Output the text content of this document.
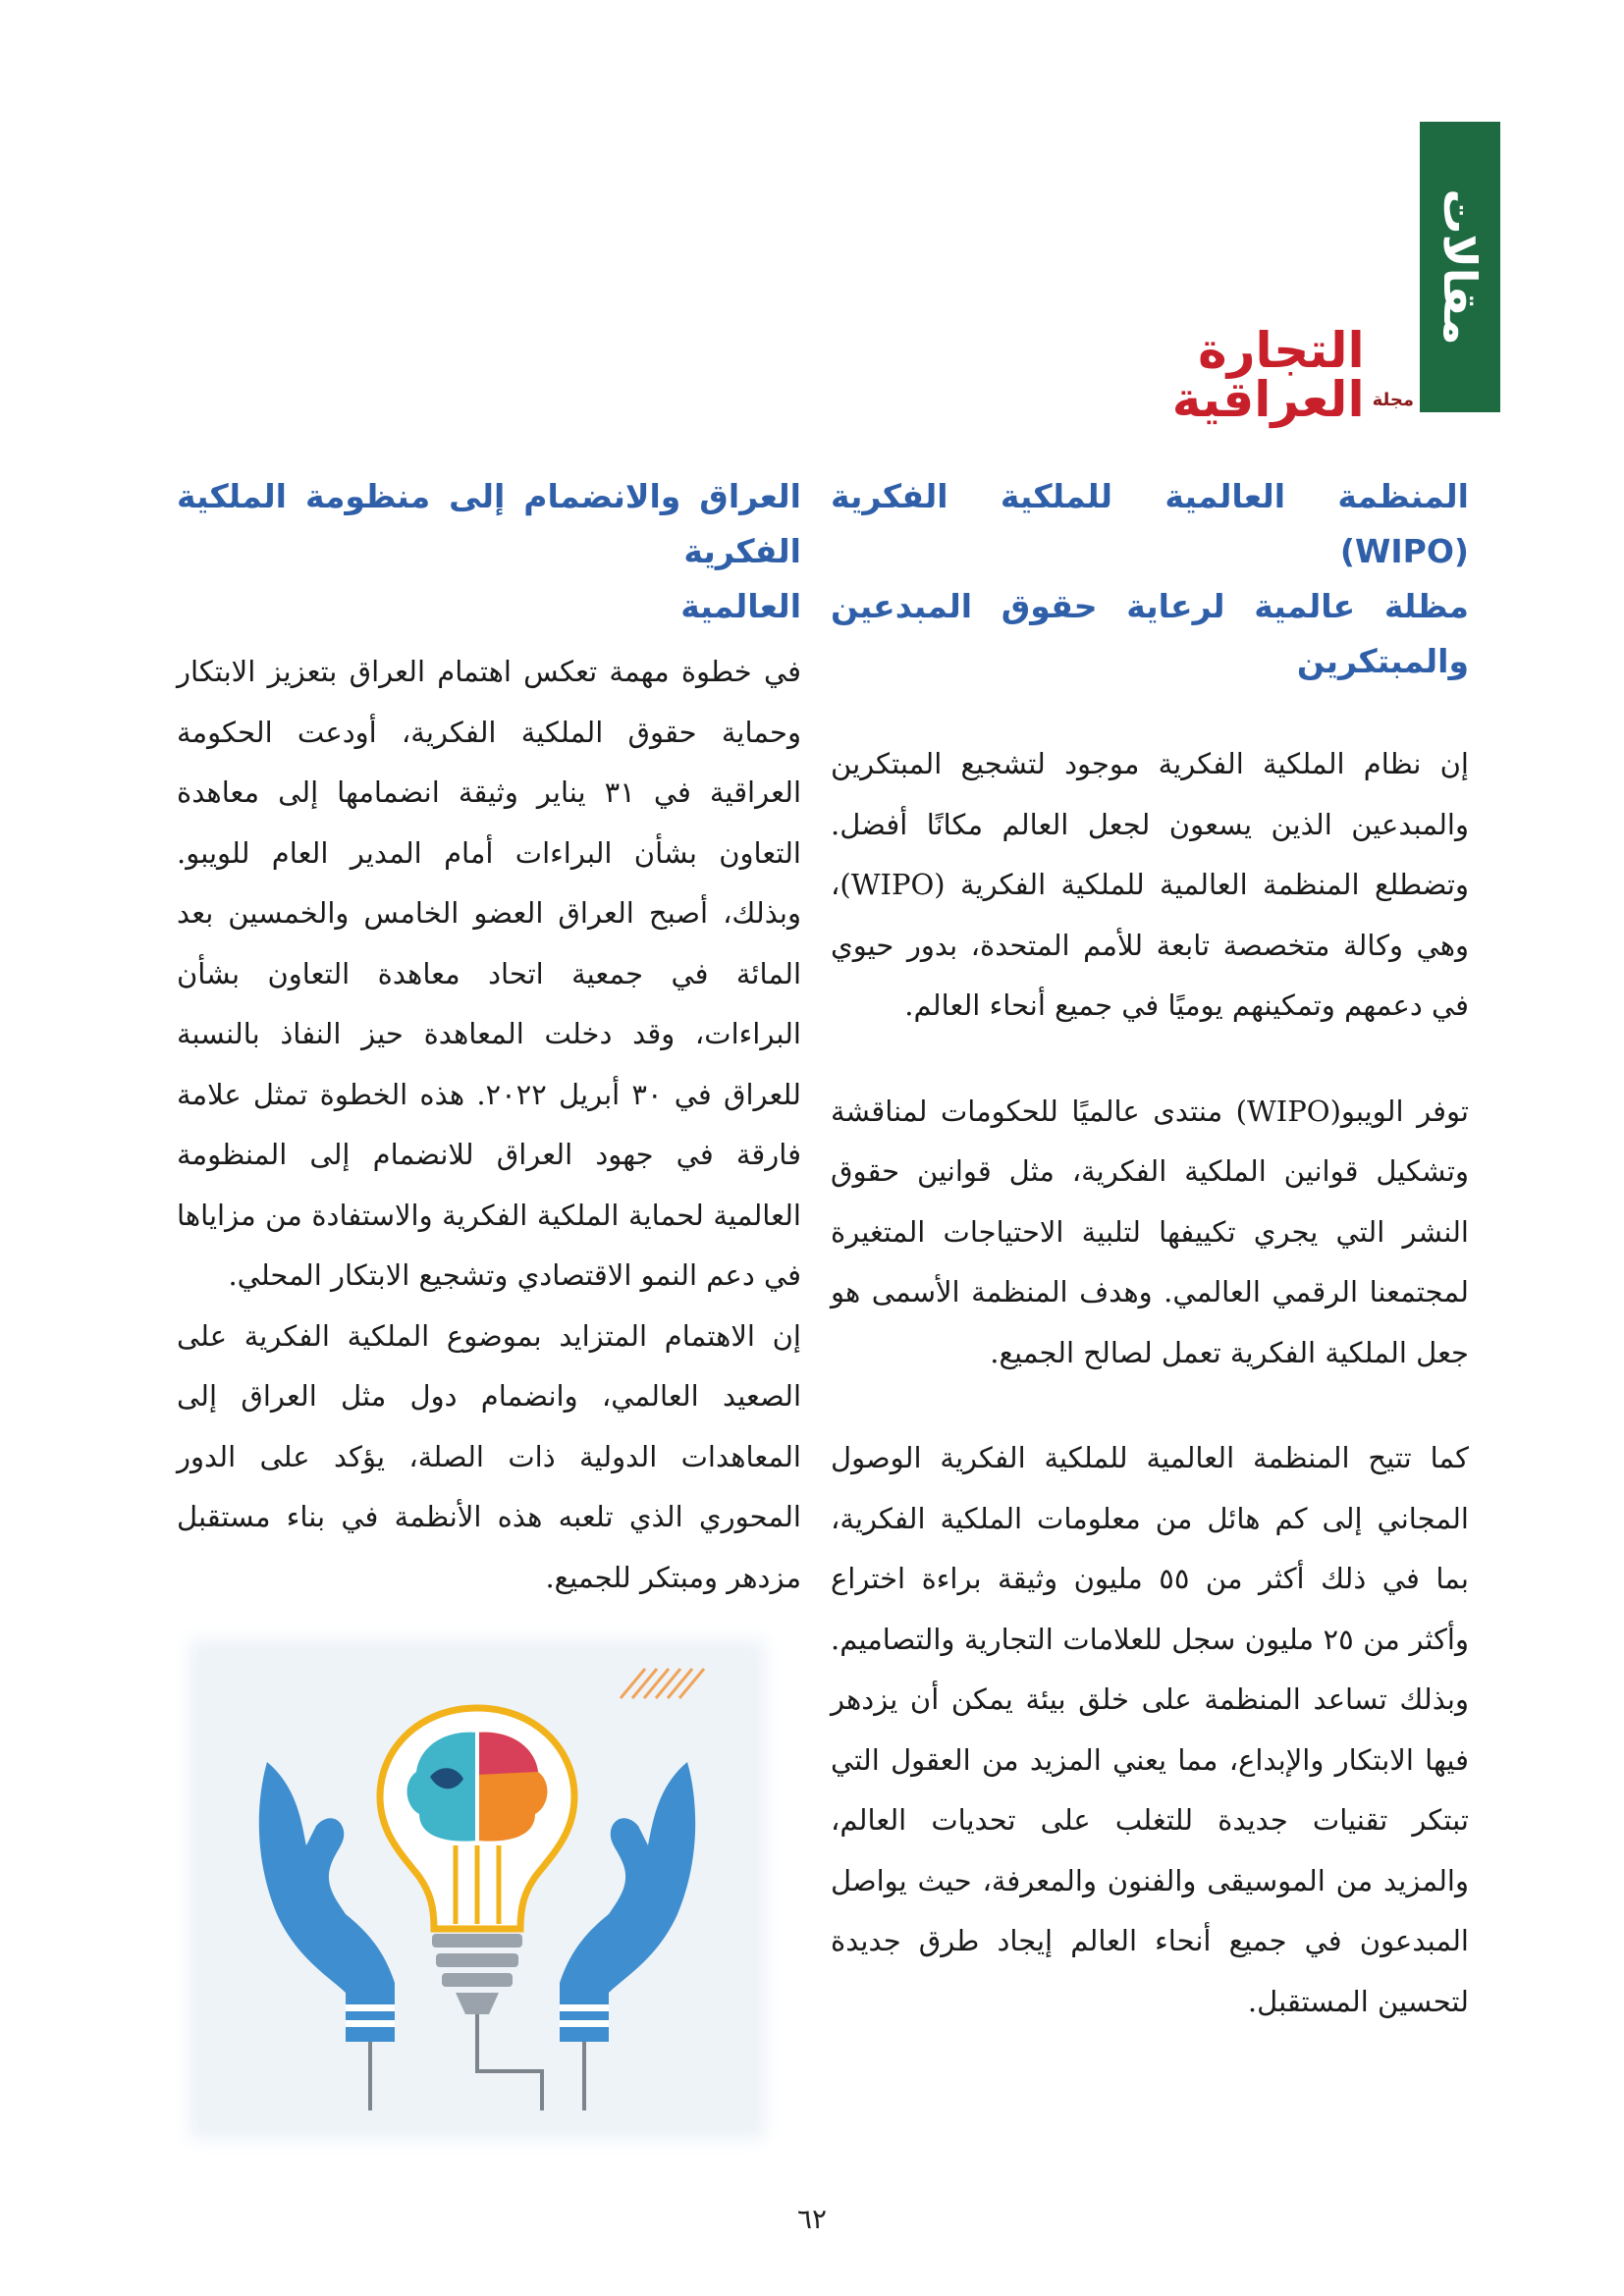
مقالات
مجلة
التجارة العراقية

المنظمة العالمية للملكية الفكرية (WIPO)

مظلة عالمية لرعاية حقوق المبدعين والمبتكرين

إن نظام الملكية الفكرية موجود لتشجيع المبتكرين والمبدعين الذين يسعون لجعل العالم مكانًا أفضل. وتضطلع المنظمة العالمية للملكية الفكرية (WIPO)، وهي وكالة متخصصة تابعة للأمم المتحدة، بدور حيوي في دعمهم وتمكينهم يوميًا في جميع أنحاء العالم.

توفر الويبو(WIPO) منتدى عالميًا للحكومات لمناقشة وتشكيل قوانين الملكية الفكرية، مثل قوانين حقوق النشر التي يجري تكييفها لتلبية الاحتياجات المتغيرة لمجتمعنا الرقمي العالمي. وهدف المنظمة الأسمى هو جعل الملكية الفكرية تعمل لصالح الجميع.

كما تتيح المنظمة العالمية للملكية الفكرية الوصول المجاني إلى كم هائل من معلومات الملكية الفكرية، بما في ذلك أكثر من ٥٥ مليون وثيقة براءة اختراع وأكثر من ٢٥ مليون سجل للعلامات التجارية والتصاميم. وبذلك تساعد المنظمة على خلق بيئة يمكن أن يزدهر فيها الابتكار والإبداع، مما يعني المزيد من العقول التي تبتكر تقنيات جديدة للتغلب على تحديات العالم، والمزيد من الموسيقى والفنون والمعرفة، حيث يواصل المبدعون في جميع أنحاء العالم إيجاد طرق جديدة لتحسين المستقبل.

العراق والانضمام إلى منظومة الملكية الفكرية

العالمية

في خطوة مهمة تعكس اهتمام العراق بتعزيز الابتكار وحماية حقوق الملكية الفكرية، أودعت الحكومة العراقية في ٣١ يناير وثيقة انضمامها إلى معاهدة التعاون بشأن البراءات أمام المدير العام للويبو. وبذلك، أصبح العراق العضو الخامس والخمسين بعد المائة في جمعية اتحاد معاهدة التعاون بشأن البراءات، وقد دخلت المعاهدة حيز النفاذ بالنسبة للعراق في ٣٠ أبريل ٢٠٢٢. هذه الخطوة تمثل علامة فارقة في جهود العراق للانضمام إلى المنظومة العالمية لحماية الملكية الفكرية والاستفادة من مزاياها في دعم النمو الاقتصادي وتشجيع الابتكار المحلي.

إن الاهتمام المتزايد بموضوع الملكية الفكرية على الصعيد العالمي، وانضمام دول مثل العراق إلى المعاهدات الدولية ذات الصلة، يؤكد على الدور المحوري الذي تلعبه هذه الأنظمة في بناء مستقبل مزدهر ومبتكر للجميع.

٦٢
